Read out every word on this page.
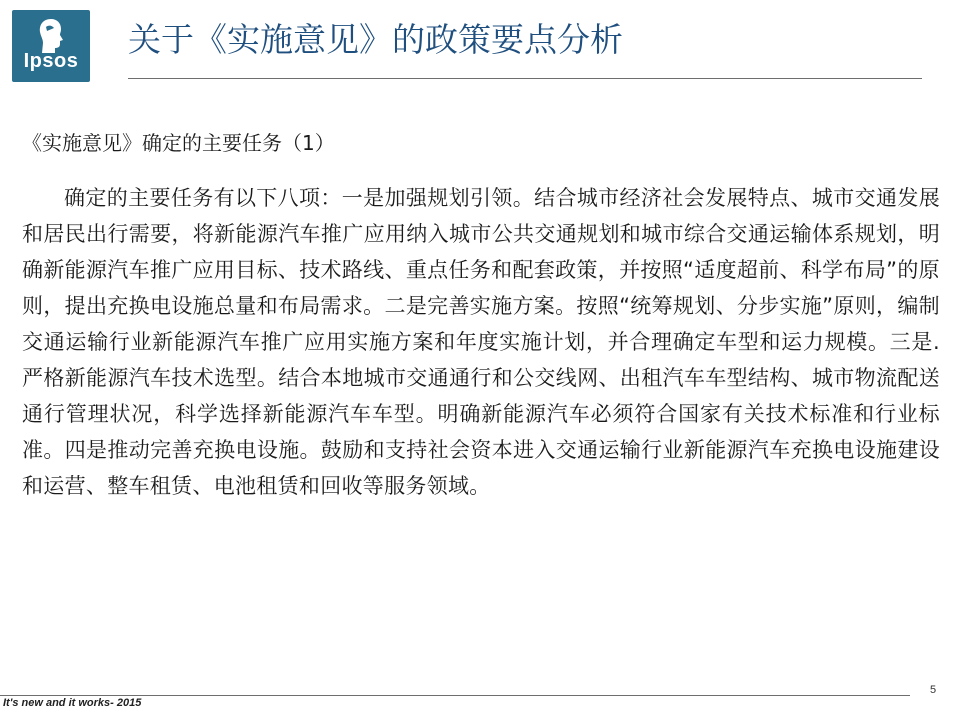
Ipsos
关于《实施意见》的政策要点分析
《实施意见》确定的主要任务（1）

确定的主要任务有以下八项：一是加强规划引领。结合城市经济社会发展特点、城市交通发展和居民出行需要，将新能源汽车推广应用纳入城市公共交通规划和城市综合交通运输体系规划，明确新能源汽车推广应用目标、技术路线、重点任务和配套政策，并按照“适度超前、科学布局”的原则，提出充换电设施总量和布局需求。二是完善实施方案。按照“统筹规划、分步实施”原则，编制交通运输行业新能源汽车推广应用实施方案和年度实施计划，并合理确定车型和运力规模。三是.严格新能源汽车技术选型。结合本地城市交通通行和公交线网、出租汽车车型结构、城市物流配送通行管理状况，科学选择新能源汽车车型。明确新能源汽车必须符合国家有关技术标准和行业标准。四是推动完善充换电设施。鼓励和支持社会资本进入交通运输行业新能源汽车充换电设施建设和运营、整车租赁、电池租赁和回收等服务领域。

5
It's new and it works- 2015
